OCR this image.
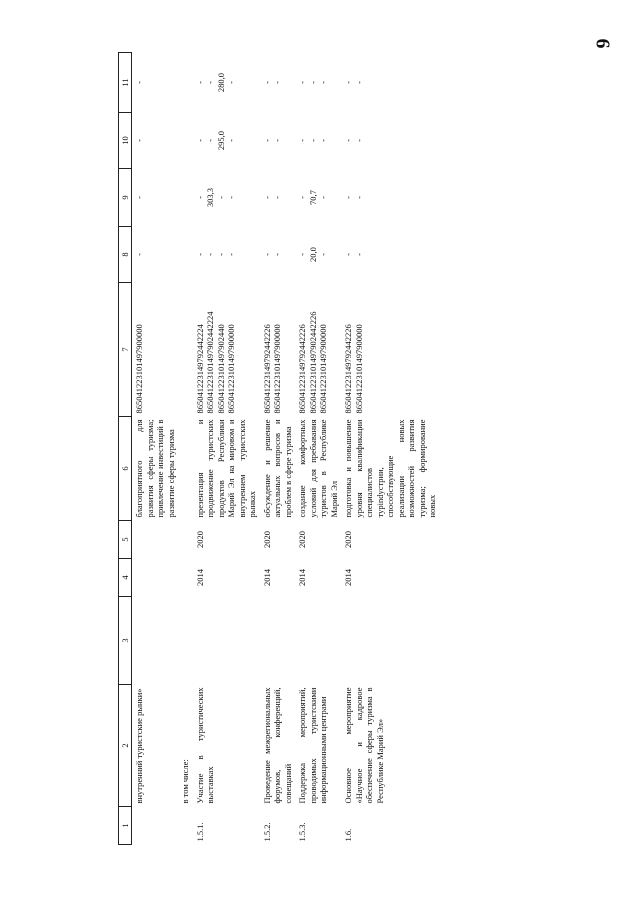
6
1	2	3	4	5	6	7	8	9	10	11
	внутренний туристские рынки»				благоприятного для развития сферы туризма; привлечение инвестиций в развитие сферы туризма	865041223101497900000	-	-	-	-

	в том числе:									
1.5.1.	Участие в туристических выставках		2014	2020	презентация и продвижение туристских продуктов Республики Марий Эл на мировом и внутреннем туристских рынках	865041223149792442224 865041223101497902442224 865041223101497902440 865041223101497900000	- - - -	- 303,3 - -	- - 295,0 -	- - 280,0 -

1.5.2.	Проведение межрегиональных форумов, конференций, совещаний		2014	2020	обсуждение и решение актуальных вопросов и проблем в сфере туризма	865041223149792442226 865041223101497900000	- -	- -	- -	- -

1.5.3.	Поддержка мероприятий, проводимых туристскими информационными центрами		2014	2020	создание комфортных условий для пребывания туристов в Республике Марий Эл	865041223149792442226 865041223101497902442226 865041223101497900000	- 20,0 -	- 70,7 -	- - -	- - -

1.6.	Основное мероприятие «Научное и кадровое обеспечение сферы туризма в Республике Марий Эл»		2014	2020	подготовка и повышение уровня квалификации специалистов турindустрии, способствующие реализации новых возможностей развития туризма; формирование новых	865041223149792442226 865041223101497900000	- -	- -	- -	- -
